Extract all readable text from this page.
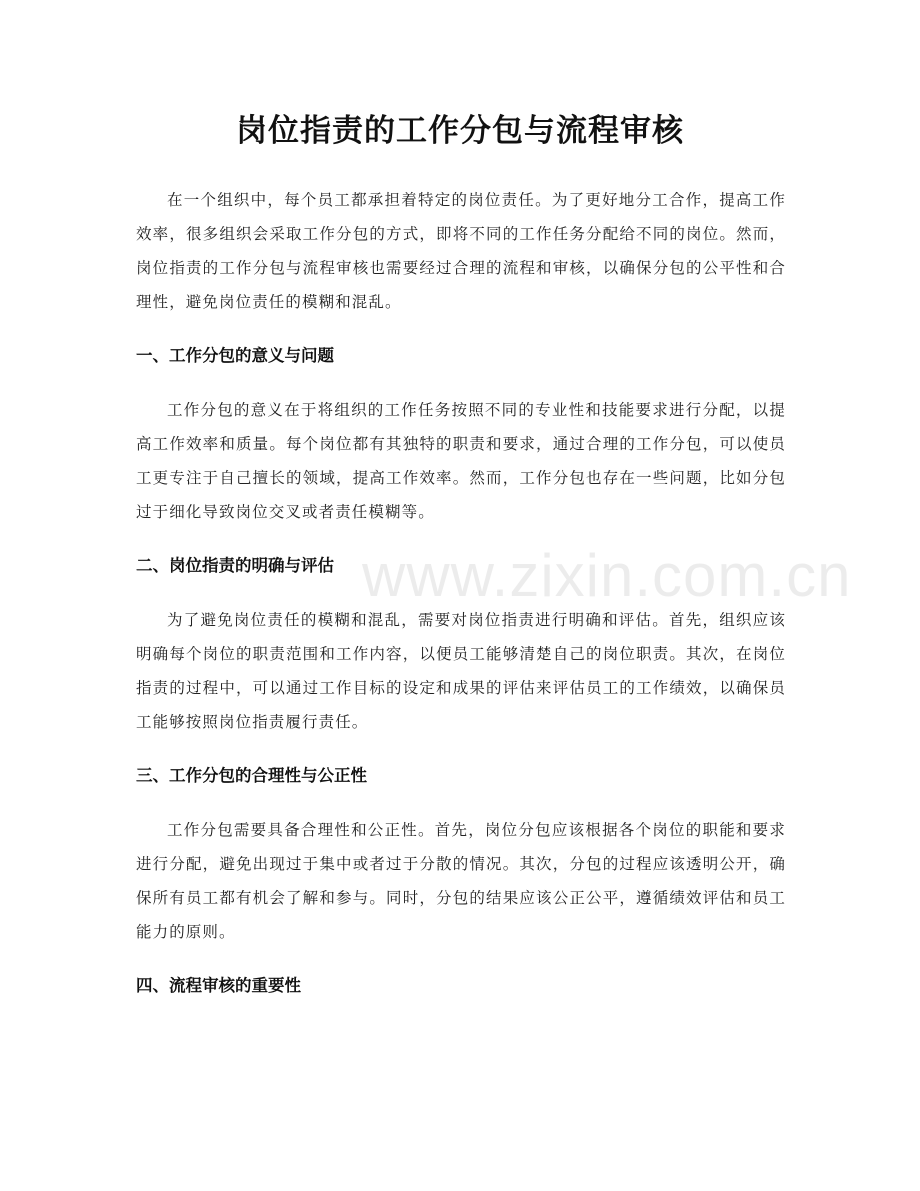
岗位指责的工作分包与流程审核

在一个组织中，每个员工都承担着特定的岗位责任。为了更好地分工合作，提高工作效率，很多组织会采取工作分包的方式，即将不同的工作任务分配给不同的岗位。然而，岗位指责的工作分包与流程审核也需要经过合理的流程和审核，以确保分包的公平性和合理性，避免岗位责任的模糊和混乱。

一、工作分包的意义与问题

工作分包的意义在于将组织的工作任务按照不同的专业性和技能要求进行分配，以提高工作效率和质量。每个岗位都有其独特的职责和要求，通过合理的工作分包，可以使员工更专注于自己擅长的领域，提高工作效率。然而，工作分包也存在一些问题，比如分包过于细化导致岗位交叉或者责任模糊等。

二、岗位指责的明确与评估

为了避免岗位责任的模糊和混乱，需要对岗位指责进行明确和评估。首先，组织应该明确每个岗位的职责范围和工作内容，以便员工能够清楚自己的岗位职责。其次，在岗位指责的过程中，可以通过工作目标的设定和成果的评估来评估员工的工作绩效，以确保员工能够按照岗位指责履行责任。

三、工作分包的合理性与公正性

工作分包需要具备合理性和公正性。首先，岗位分包应该根据各个岗位的职能和要求进行分配，避免出现过于集中或者过于分散的情况。其次，分包的过程应该透明公开，确保所有员工都有机会了解和参与。同时，分包的结果应该公正公平，遵循绩效评估和员工能力的原则。

四、流程审核的重要性
www.zixin.com.cn
